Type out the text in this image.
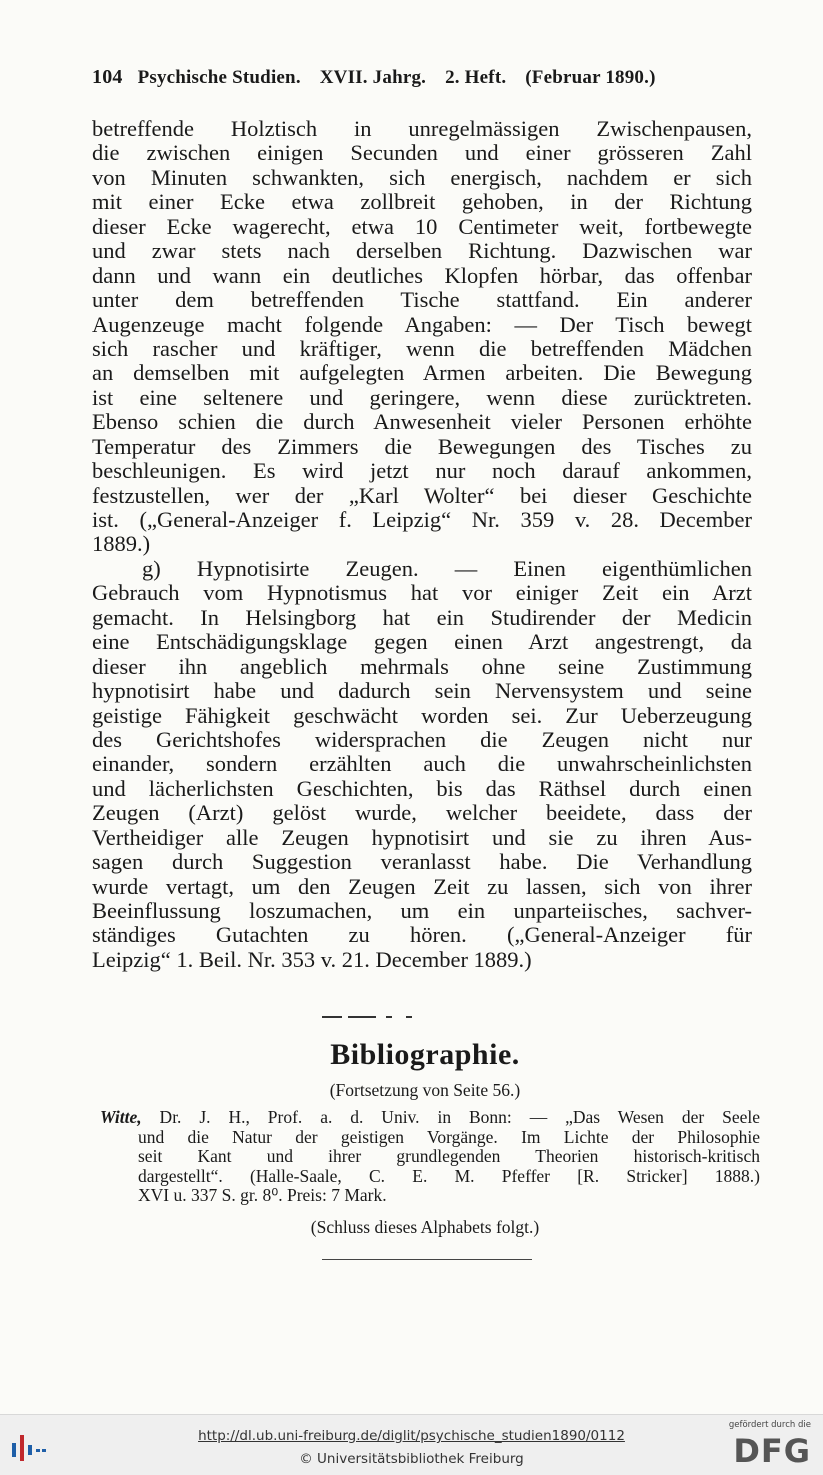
104 Psychische Studien. XVII. Jahrg. 2. Heft. (Februar 1890.)
betreffende Holztisch in unregelmässigen Zwischenpausen,
die zwischen einigen Secunden und einer grösseren Zahl
von Minuten schwankten, sich energisch, nachdem er sich
mit einer Ecke etwa zollbreit gehoben, in der Richtung
dieser Ecke wagerecht, etwa 10 Centimeter weit, fortbewegte
und zwar stets nach derselben Richtung. Dazwischen war
dann und wann ein deutliches Klopfen hörbar, das offenbar
unter dem betreffenden Tische stattfand. Ein anderer
Augenzeuge macht folgende Angaben: — Der Tisch bewegt
sich rascher und kräftiger, wenn die betreffenden Mädchen
an demselben mit aufgelegten Armen arbeiten. Die Bewegung
ist eine seltenere und geringere, wenn diese zurücktreten.
Ebenso schien die durch Anwesenheit vieler Personen erhöhte
Temperatur des Zimmers die Bewegungen des Tisches zu
beschleunigen. Es wird jetzt nur noch darauf ankommen,
festzustellen, wer der „Karl Wolter“ bei dieser Geschichte
ist. („General-Anzeiger f. Leipzig“ Nr. 359 v. 28. December
1889.)
g) Hypnotisirte Zeugen. — Einen eigenthümlichen
Gebrauch vom Hypnotismus hat vor einiger Zeit ein Arzt
gemacht. In Helsingborg hat ein Studirender der Medicin
eine Entschädigungsklage gegen einen Arzt angestrengt, da
dieser ihn angeblich mehrmals ohne seine Zustimmung
hypnotisirt habe und dadurch sein Nervensystem und seine
geistige Fähigkeit geschwächt worden sei. Zur Ueberzeugung
des Gerichtshofes widersprachen die Zeugen nicht nur
einander, sondern erzählten auch die unwahrscheinlichsten
und lächerlichsten Geschichten, bis das Räthsel durch einen
Zeugen (Arzt) gelöst wurde, welcher beeidete, dass der
Vertheidiger alle Zeugen hypnotisirt und sie zu ihren Aus-
sagen durch Suggestion veranlasst habe. Die Verhandlung
wurde vertagt, um den Zeugen Zeit zu lassen, sich von ihrer
Beeinflussung loszumachen, um ein unparteiisches, sachver-
ständiges Gutachten zu hören. („General-Anzeiger für
Leipzig“ 1. Beil. Nr. 353 v. 21. December 1889.)
Bibliographie.
(Fortsetzung von Seite 56.)
Witte, Dr. J. H., Prof. a. d. Univ. in Bonn: — „Das Wesen der Seele
und die Natur der geistigen Vorgänge. Im Lichte der Philosophie
seit Kant und ihrer grundlegenden Theorien historisch-kritisch
dargestellt“. (Halle-Saale, C. E. M. Pfeffer [R. Stricker] 1888.)
XVI u. 337 S. gr. 8⁰. Preis: 7 Mark.
(Schluss dieses Alphabets folgt.)
http://dl.ub.uni-freiburg.de/diglit/psychische_studien1890/0112
© Universitätsbibliothek Freiburg
gefördert durch die
DFG
